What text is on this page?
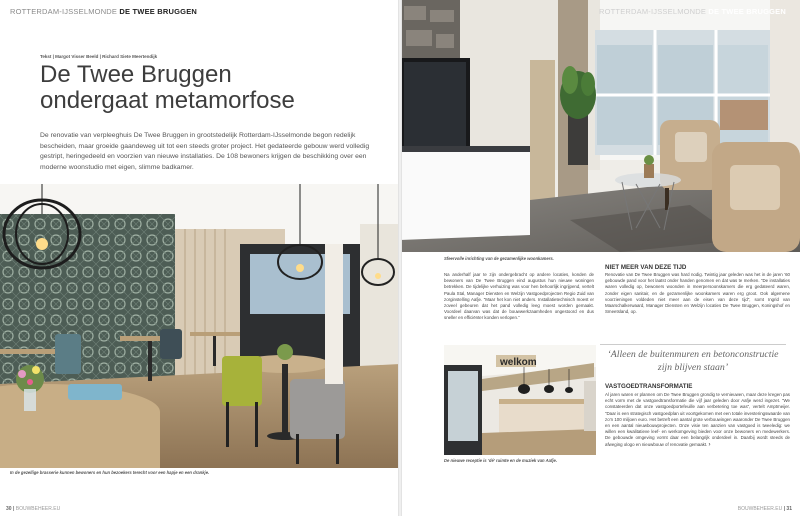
ROTTERDAM-IJSSELMONDE DE TWEE BRUGGEN
Tekst | Margot Visser Beeld | Richard Siete Meertendijk
De Twee Bruggen
ondergaat metamorfose
De renovatie van verpleeghuis De Twee Bruggen in grootstedelijk Rotterdam-IJsselmonde begon redelijk bescheiden, maar groeide gaandeweg uit tot een steeds groter project. Het gedateerde gebouw werd volledig gestript, heringedeeld en voorzien van nieuwe installaties. De 108 bewoners krijgen de beschikking over een moderne woonstudio met eigen, slimme badkamer.
In de gezellige brasserie kunnen bewoners en hun bezoekers terecht voor een hapje en een drankje.
30 | BOUWBEHEER.EU
ROTTERDAM-IJSSELMONDE DE TWEE BRUGGEN
Sfeervolle inrichting van de gezamenlijke woonkamers.
Na anderhalf jaar te zijn ondergebracht op andere locaties, konden de bewoners van De Twee Bruggen eind augustus hun nieuwe woningen betrekken. De tijdelijke verhuizing was voor hen behoorlijk ingrijpend, vertelt Paula Stal, Manager Diensten en Welzijn Vastgoedprojecten Regio Zuid van zorginstelling Aafje. “Maar het kon niet anders. Installatietechnisch moest er zoveel gebeuren dat het pand volledig leeg moest worden gemaakt. Voordeel daarvan was dat de bouwwerkzaamheden ongestoord en dus sneller en efficiënter konden verlopen.”
NIET MEER VAN DEZE TIJD
Renovatie van De Twee Bruggen was hard nodig. Twintig jaar geleden was het in de jaren ’60 gebouwde pand voor het laatst onder handen genomen en dat was te merken. “De installaties waren volledig op, bewoners woonden in meerpersoonskamers die erg gedateerd waren, zonder eigen sanitair, en de gezamenlijke woonkamers waren erg groot. Ook algemene voorzieningen voldeden niet meer aan de eisen van deze tijd”, somt Ingrid van Maarschalkerwaard, Manager Diensten en Welzijn locaties De Twee Bruggen, Koningshof en Smeetsland, op.
welkom
De nieuwe receptie is ‘dé’ ruimte en de muziek van Aafje.
‘Alleen de buitenmuren en betonconstructie zijn blijven staan’
VASTGOEDTRANSFORMATIE
Al jaren waren er plannen om De Twee Bruggen grondig te vernieuwen, maar deze kregen pas echt vorm met de vastgoedtransformatie die vijf jaar geleden door Aafje werd ingezet. “We constateerden dat onze vastgoedportefeuille aan verbetering toe was”, vertelt Amptmeijer. “Daar is een strategisch vastgoedplan uit voortgekomen met een totale investeringswaarde van zo’n 100 miljoen euro. Het betreft een aantal grote verbouwingen waaronder De Twee Bruggen en een aantal nieuwbouwprojecten. Onze visie ten aanzien van vastgoed is tweeledig: we willen een kwalitatieve leef- en werkomgeving bieden voor onze bewoners en medewerkers. De gebouwde omgeving vormt daar een belangrijk onderdeel in. Daarbij wordt steeds de afweging ologo en nieuwbouw of renovatie gemaakt. ›
BOUWBEHEER.EU | 31
